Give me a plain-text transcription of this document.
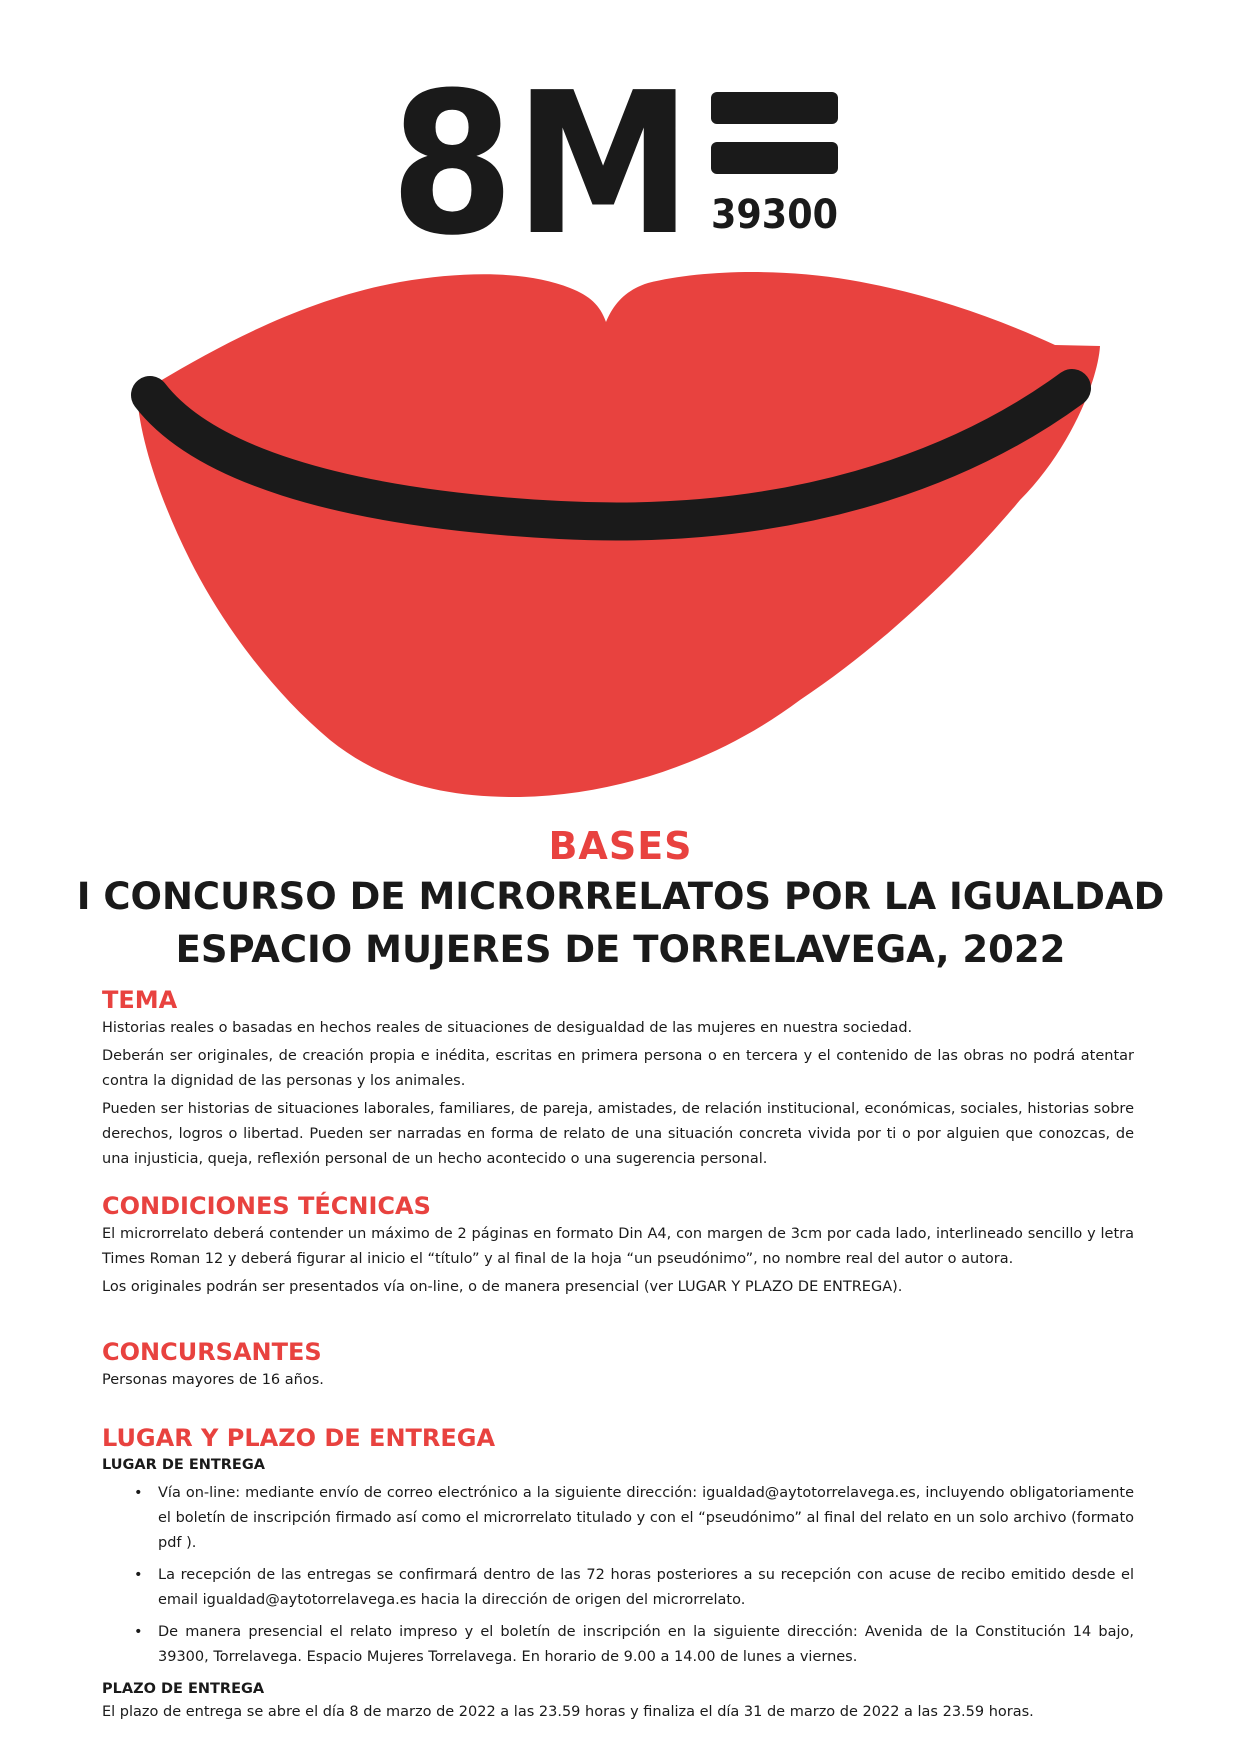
8M 39300
BASES
I CONCURSO DE MICRORRELATOS POR LA IGUALDAD
ESPACIO MUJERES DE TORRELAVEGA, 2022
TEMA

Historias reales o basadas en hechos reales de situaciones de desigualdad de las mujeres en nuestra sociedad.

Deberán ser originales, de creación propia e inédita, escritas en primera persona o en tercera y el contenido de las obras no podrá atentar contra la dignidad de las personas y los animales.

Pueden ser historias de situaciones laborales, familiares, de pareja, amistades, de relación institucional, económicas, sociales, historias sobre derechos, logros o libertad. Pueden ser narradas en forma de relato de una situación concreta vivida por ti o por alguien que conozcas, de una injusticia, queja, reflexión personal de un hecho acontecido o una sugerencia personal.

CONDICIONES TÉCNICAS

El microrrelato deberá contender un máximo de 2 páginas en formato Din A4, con margen de 3cm por cada lado, interlineado sencillo y letra Times Roman 12 y deberá figurar al inicio el “título” y al final de la hoja “un pseudónimo”, no nombre real del autor o autora.

Los originales podrán ser presentados vía on-line, o de manera presencial (ver LUGAR Y PLAZO DE ENTREGA).

CONCURSANTES

Personas mayores de 16 años.

LUGAR Y PLAZO DE ENTREGA
LUGAR DE ENTREGA
• Vía on-line: mediante envío de correo electrónico a la siguiente dirección: igualdad@aytotorrelavega.es, incluyendo obligatoriamente el boletín de inscripción firmado así como el microrrelato titulado y con el “pseudónimo” al final del relato en un solo archivo (formato pdf ).
• La recepción de las entregas se confirmará dentro de las 72 horas posteriores a su recepción con acuse de recibo emitido desde el email igualdad@aytotorrelavega.es hacia la dirección de origen del microrrelato.
• De manera presencial el relato impreso y el boletín de inscripción en la siguiente dirección: Avenida de la Constitución 14 bajo, 39300, Torrelavega. Espacio Mujeres Torrelavega. En horario de 9.00 a 14.00 de lunes a viernes.
PLAZO DE ENTREGA

El plazo de entrega se abre el día 8 de marzo de 2022 a las 23.59 horas y finaliza el día 31 de marzo de 2022 a las 23.59 horas.
